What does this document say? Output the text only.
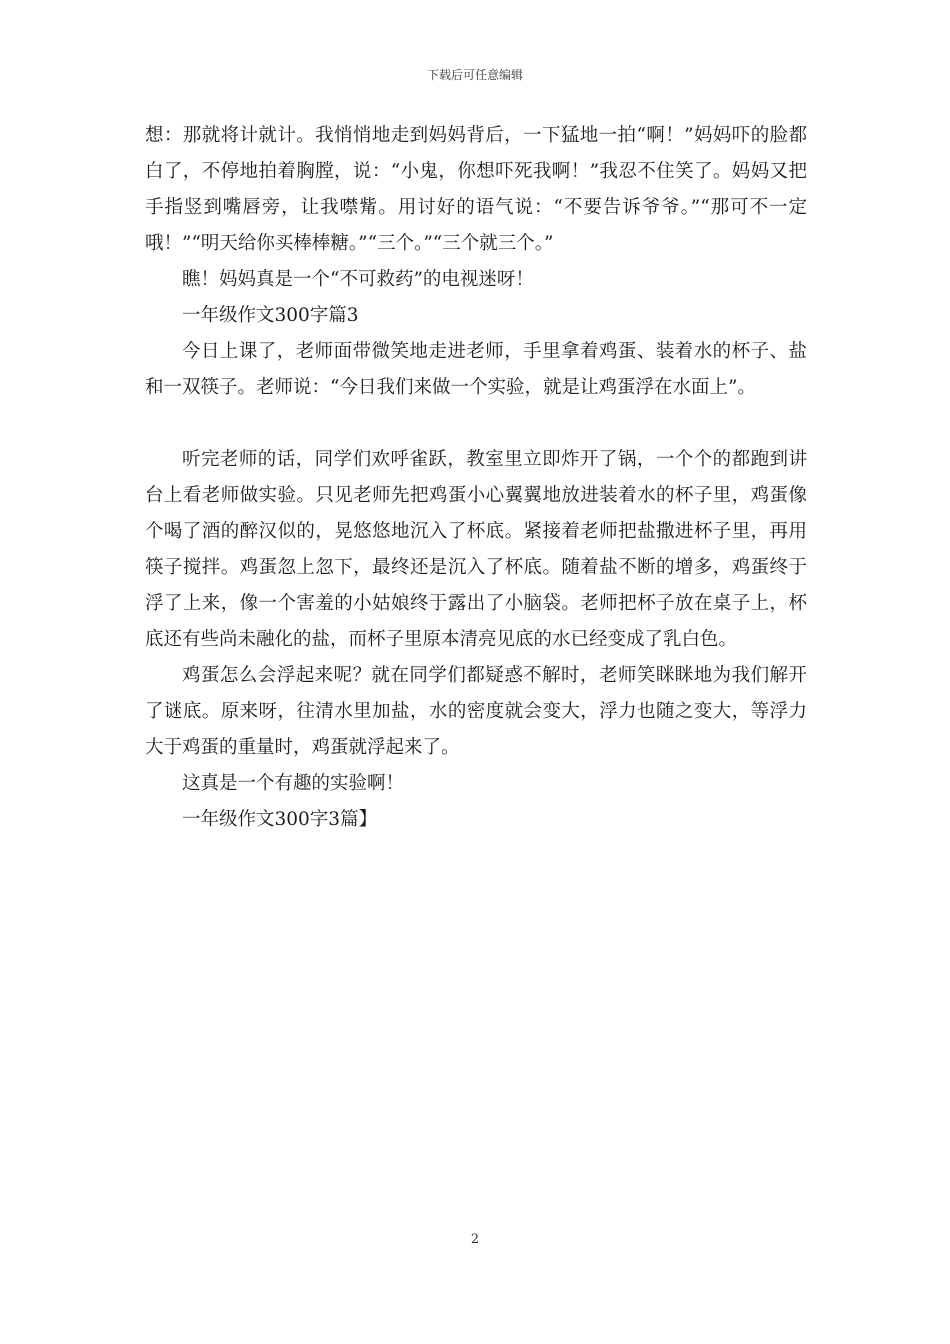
下载后可任意编辑

想：那就将计就计。我悄悄地走到妈妈背后，一下猛地一拍“啊！”妈妈吓的脸都白了，不停地拍着胸膛，说：“小鬼，你想吓死我啊！”我忍不住笑了。妈妈又把手指竖到嘴唇旁，让我噤觜。用讨好的语气说：“不要告诉爷爷。”“那可不一定哦！”“明天给你买棒棒糖。”“三个。”“三个就三个。”

瞧！妈妈真是一个“不可救药”的电视迷呀！

一年级作文300字篇3

今日上课了，老师面带微笑地走进老师，手里拿着鸡蛋、装着水的杯子、盐和一双筷子。老师说：“今日我们来做一个实验，就是让鸡蛋浮在水面上”。

听完老师的话，同学们欢呼雀跃，教室里立即炸开了锅，一个个的都跑到讲台上看老师做实验。只见老师先把鸡蛋小心翼翼地放进装着水的杯子里，鸡蛋像个喝了酒的醉汉似的，晃悠悠地沉入了杯底。紧接着老师把盐撒进杯子里，再用筷子搅拌。鸡蛋忽上忽下，最终还是沉入了杯底。随着盐不断的增多，鸡蛋终于浮了上来，像一个害羞的小姑娘终于露出了小脑袋。老师把杯子放在桌子上，杯底还有些尚未融化的盐，而杯子里原本清亮见底的水已经变成了乳白色。

鸡蛋怎么会浮起来呢？就在同学们都疑惑不解时，老师笑眯眯地为我们解开了谜底。原来呀，往清水里加盐，水的密度就会变大，浮力也随之变大，等浮力大于鸡蛋的重量时，鸡蛋就浮起来了。

这真是一个有趣的实验啊！

一年级作文300字3篇】

2
